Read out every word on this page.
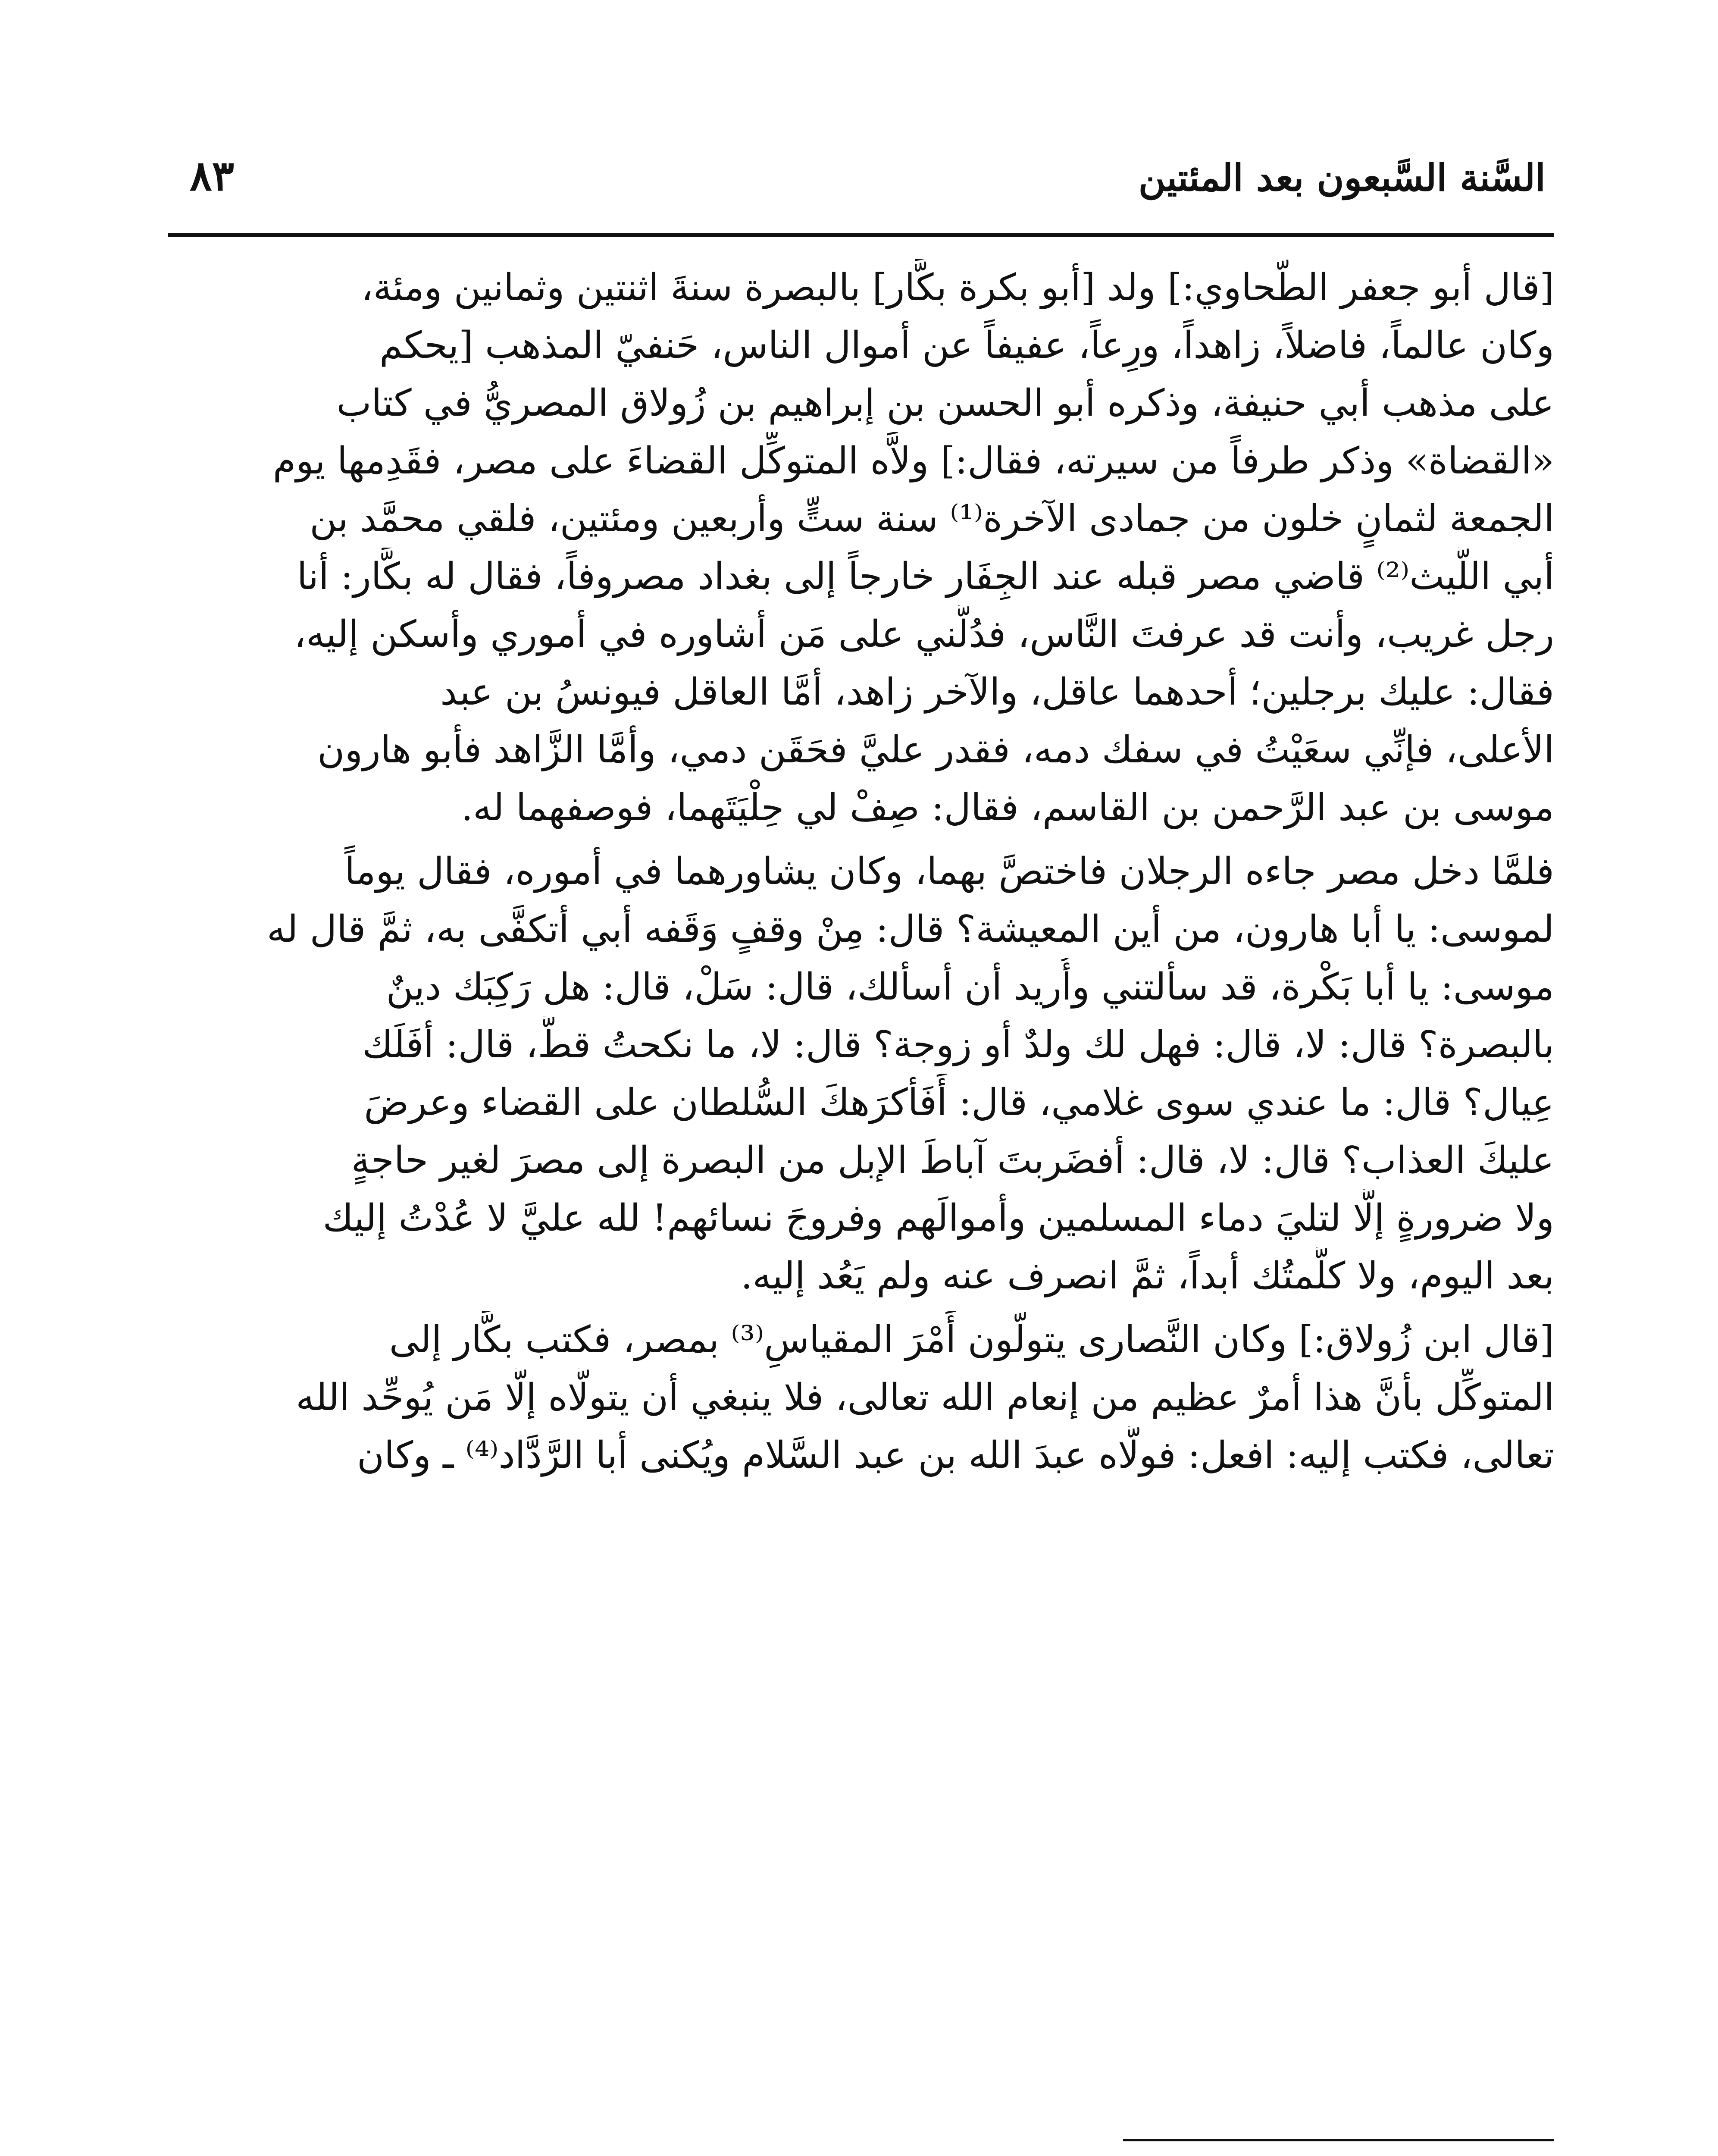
السَّنة السَّبعون بعد المئتين
٨٣
[قال أبو جعفر الطَّحاوي:] ولد [أبو بكرة بكَّار] بالبصرة سنةَ اثنتين وثمانين ومئة،
وكان عالماً، فاضلاً، زاهداً، ورِعاً، عفيفاً عن أموال الناس، حَنفيّ المذهب [يحكم
على مذهب أبي حنيفة، وذكره أبو الحسن بن إبراهيم بن زُولاق المصريُّ في كتاب
«القضاة» وذكر طرفاً من سيرته، فقال:] ولاَّه المتوكِّل القضاءَ على مصر، فقَدِمها يوم
الجمعة لثمانٍ خلون من جمادى الآخرة⁽¹⁾ سنة ستٍّ وأربعين ومئتين، فلقي محمَّد بن
أبي اللَّيث⁽²⁾ قاضي مصر قبله عند الجِفَار خارجاً إلى بغداد مصروفاً، فقال له بكَّار: أنا
رجل غريب، وأنت قد عرفتَ النَّاس، فدُلَّني على مَن أشاوره في أموري وأسكن إليه،
فقال: عليك برجلين؛ أحدهما عاقل، والآخر زاهد، أمَّا العاقل فيونسُ بن عبد
الأعلى، فإنِّي سعَيْتُ في سفك دمه، فقدر عليَّ فحَقَن دمي، وأمَّا الزَّاهد فأبو هارون
موسى بن عبد الرَّحمن بن القاسم، فقال: صِفْ لي حِلْيَتَهما، فوصفهما له.
فلمَّا دخل مصر جاءه الرجلان فاختصَّ بهما، وكان يشاورهما في أموره، فقال يوماً
لموسى: يا أبا هارون، من أين المعيشة؟ قال: مِنْ وقفٍ وَقَفه أبي أتكفَّى به، ثمَّ قال له
موسى: يا أبا بَكْرة، قد سألتني وأُريد أن أسألك، قال: سَلْ، قال: هل رَكِبَك دينٌ
بالبصرة؟ قال: لا، قال: فهل لك ولدٌ أو زوجة؟ قال: لا، ما نكحتُ قطُّ، قال: أفَلَك
عِيال؟ قال: ما عندي سوى غلامي، قال: أَفَأكرَهكَ السُّلطان على القضاء وعرضَ
عليكَ العذاب؟ قال: لا، قال: أفضَربتَ آباطَ الإبل من البصرة إلى مصرَ لغير حاجةٍ
ولا ضرورةٍ إلَّا لتليَ دماء المسلمين وأموالَهم وفروجَ نسائهم! لله عليَّ لا عُدْتُ إليك
بعد اليوم، ولا كلَّمتُك أبداً، ثمَّ انصرف عنه ولم يَعُد إليه.
[قال ابن زُولاق:] وكان النَّصارى يتولَّون أَمْرَ المقياسِ⁽³⁾ بمصر، فكتب بكَّار إلى
المتوكِّل بأنَّ هذا أمرٌ عظيم من إنعام الله تعالى، فلا ينبغي أن يتولَّاه إلَّا مَن يُوحِّد الله
تعالى، فكتب إليه: افعل: فولَّاه عبدَ الله بن عبد السَّلام ويُكنى أبا الرَّدَّاد⁽⁴⁾ ـ وكان
